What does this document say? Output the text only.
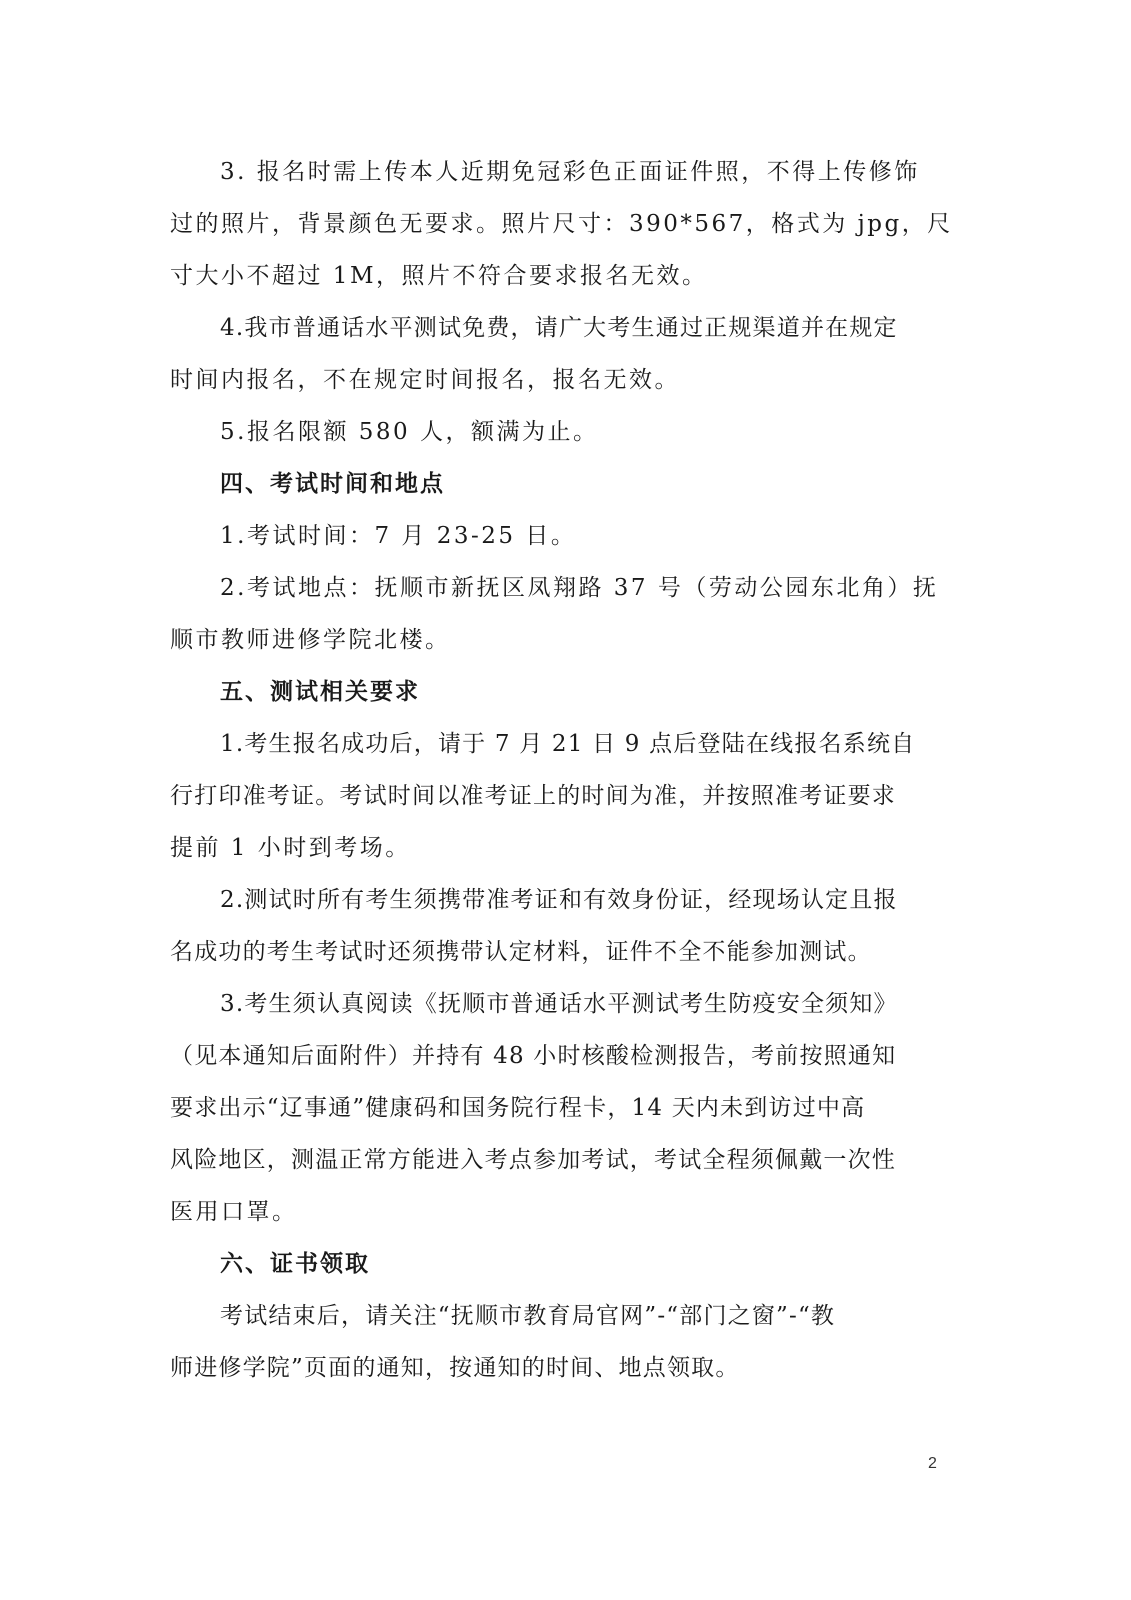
3. 报名时需上传本人近期免冠彩色正面证件照，不得上传修饰
过的照片，背景颜色无要求。照片尺寸：390*567，格式为 jpg，尺
寸大小不超过 1M，照片不符合要求报名无效。
4.我市普通话水平测试免费，请广大考生通过正规渠道并在规定
时间内报名，不在规定时间报名，报名无效。
5.报名限额 580 人，额满为止。
四、考试时间和地点
1.考试时间：7 月 23-25 日。
2.考试地点：抚顺市新抚区凤翔路 37 号（劳动公园东北角）抚
顺市教师进修学院北楼。
五、测试相关要求
1.考生报名成功后，请于 7 月 21 日 9 点后登陆在线报名系统自
行打印准考证。考试时间以准考证上的时间为准，并按照准考证要求
提前 1 小时到考场。
2.测试时所有考生须携带准考证和有效身份证，经现场认定且报
名成功的考生考试时还须携带认定材料，证件不全不能参加测试。
3.考生须认真阅读《抚顺市普通话水平测试考生防疫安全须知》
（见本通知后面附件）并持有 48 小时核酸检测报告，考前按照通知
要求出示“辽事通”健康码和国务院行程卡，14 天内未到访过中高
风险地区，测温正常方能进入考点参加考试，考试全程须佩戴一次性
医用口罩。
六、证书领取
考试结束后，请关注“抚顺市教育局官网”-“部门之窗”-“教
师进修学院”页面的通知，按通知的时间、地点领取。
2
